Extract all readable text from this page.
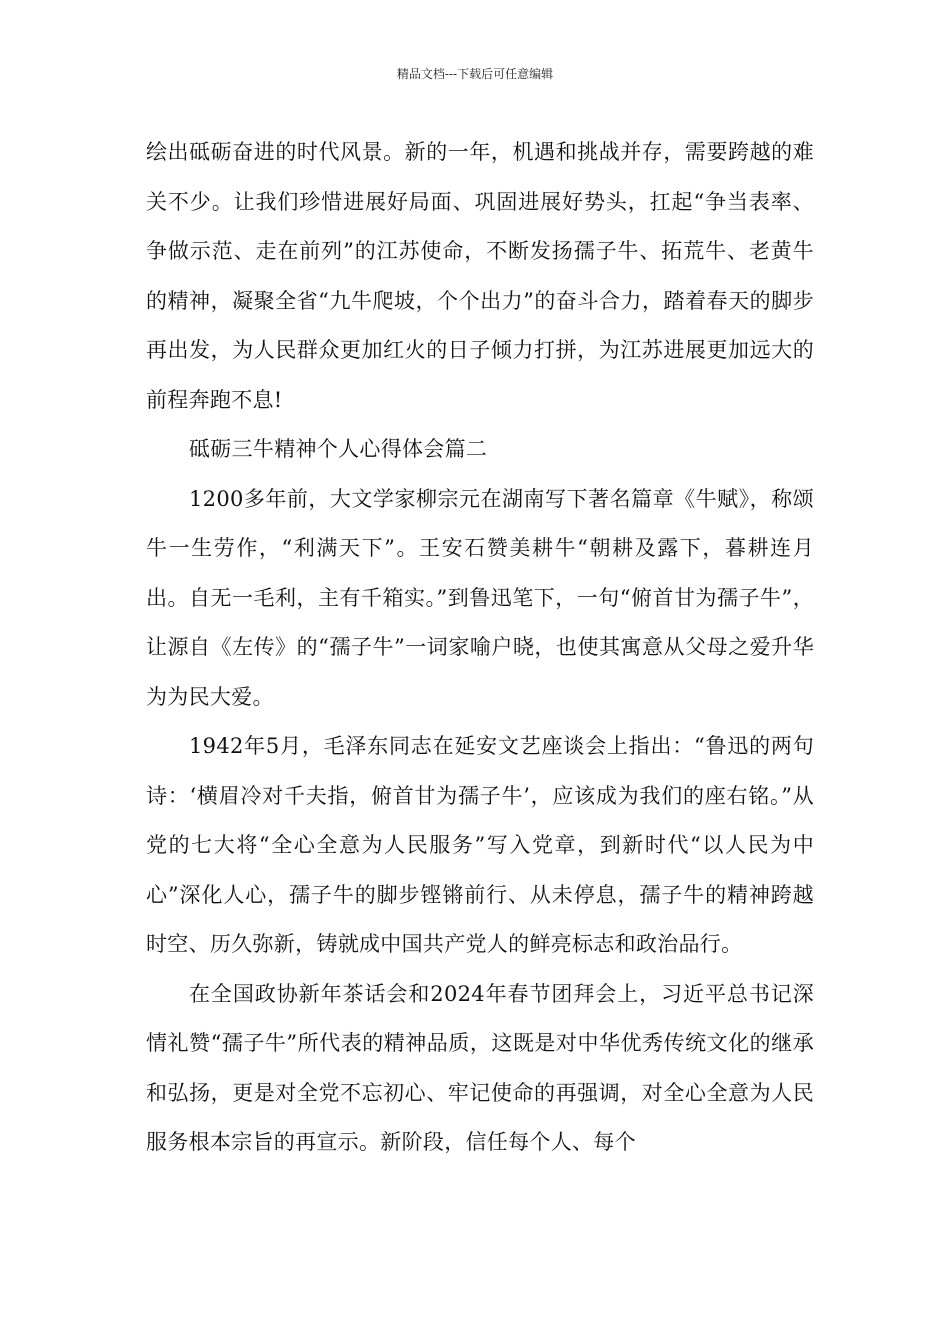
精品文档---下载后可任意编辑

绘出砥砺奋进的时代风景。新的一年，机遇和挑战并存，需要跨越的难关不少。让我们珍惜进展好局面、巩固进展好势头，扛起“争当表率、争做示范、走在前列”的江苏使命，不断发扬孺子牛、拓荒牛、老黄牛的精神，凝聚全省“九牛爬坡，个个出力”的奋斗合力，踏着春天的脚步再出发，为人民群众更加红火的日子倾力打拼，为江苏进展更加远大的前程奔跑不息!

砥砺三牛精神个人心得体会篇二

1200多年前，大文学家柳宗元在湖南写下著名篇章《牛赋》，称颂牛一生劳作，“利满天下”。王安石赞美耕牛“朝耕及露下，暮耕连月出。自无一毛利，主有千箱实。”到鲁迅笔下，一句“俯首甘为孺子牛”，让源自《左传》的“孺子牛”一词家喻户晓，也使其寓意从父母之爱升华为为民大爱。

1942年5月，毛泽东同志在延安文艺座谈会上指出：“鲁迅的两句诗：‘横眉冷对千夫指，俯首甘为孺子牛’，应该成为我们的座右铭。”从党的七大将“全心全意为人民服务”写入党章，到新时代“以人民为中心”深化人心，孺子牛的脚步铿锵前行、从未停息，孺子牛的精神跨越时空、历久弥新，铸就成中国共产党人的鲜亮标志和政治品行。

在全国政协新年茶话会和2024年春节团拜会上，习近平总书记深情礼赞“孺子牛”所代表的精神品质，这既是对中华优秀传统文化的继承和弘扬，更是对全党不忘初心、牢记使命的再强调，对全心全意为人民服务根本宗旨的再宣示。新阶段，信任每个人、每个
